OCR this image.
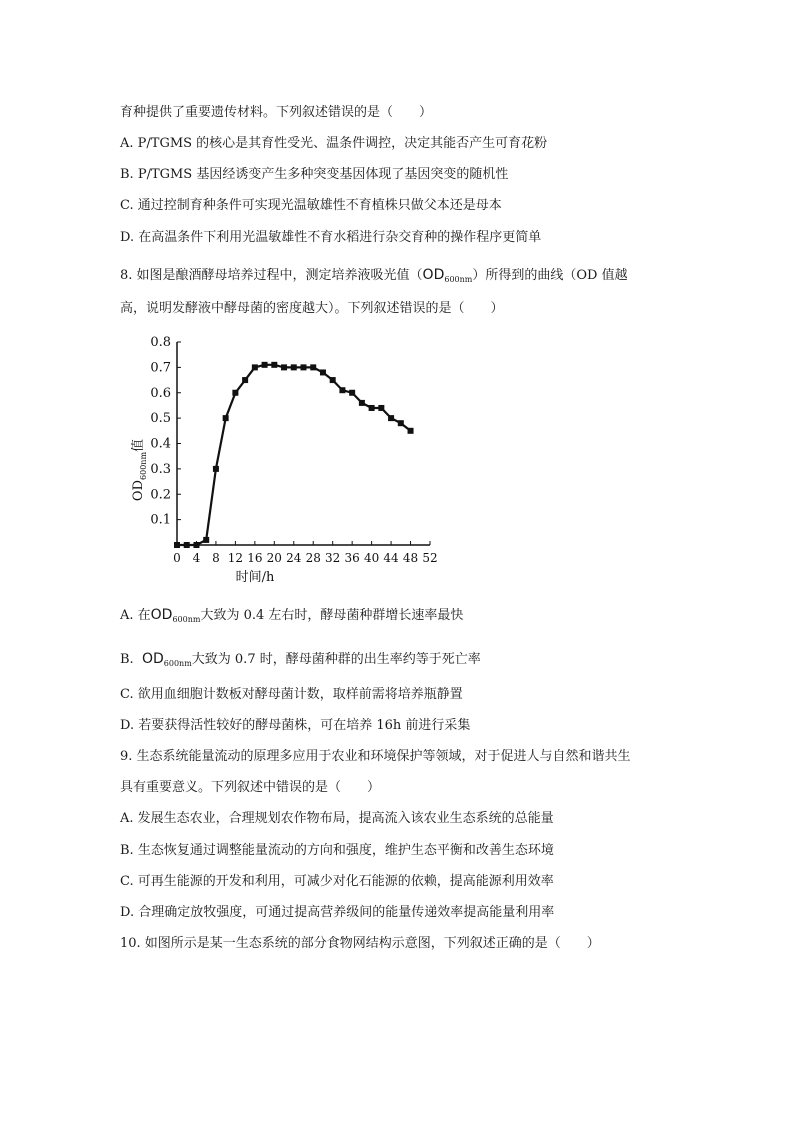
育种提供了重要遗传材料。下列叙述错误的是（　　）
A. P/TGMS 的核心是其育性受光、温条件调控，决定其能否产生可育花粉
B. P/TGMS 基因经诱变产生多种突变基因体现了基因突变的随机性
C. 通过控制育种条件可实现光温敏雄性不育植株只做父本还是母本
D. 在高温条件下利用光温敏雄性不育水稻进行杂交育种的操作程序更简单
8. 如图是酿酒酵母培养过程中，测定培养液吸光值$(OD_{600nm})$所得到的曲线（OD 值越
高，说明发酵液中酵母菌的密度越大）。下列叙述错误的是（　　）
0 4 8 12 16 20 24 28 32 36 40 44 48 52
0.1
0.2
0.3
0.4
0.5
0.6
0.7
0.8
时间/h
$OD_{600nm}$值
A. 在$OD_{600nm}$大致为 0.4 左右时，酵母菌种群增长速率最快
B. $OD_{600nm}$大致为 0.7 时，酵母菌种群的出生率约等于死亡率
C. 欲用血细胞计数板对酵母菌计数，取样前需将培养瓶静置
D. 若要获得活性较好的酵母菌株，可在培养 16h 前进行采集
9. 生态系统能量流动的原理多应用于农业和环境保护等领域，对于促进人与自然和谐共生
具有重要意义。下列叙述中错误的是（　　）
A. 发展生态农业，合理规划农作物布局，提高流入该农业生态系统的总能量
B. 生态恢复通过调整能量流动的方向和强度，维护生态平衡和改善生态环境
C. 可再生能源的开发和利用，可减少对化石能源的依赖，提高能源利用效率
D. 合理确定放牧强度，可通过提高营养级间的能量传递效率提高能量利用率
10. 如图所示是某一生态系统的部分食物网结构示意图，下列叙述正确的是（　　）
